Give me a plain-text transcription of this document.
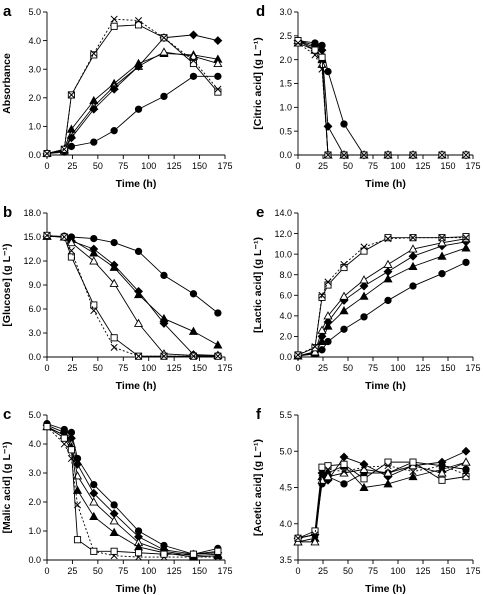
a
0 25 50 75 100 125 150 175
0.0
1.0
2.0
3.0
4.0
5.0
Time (h)
Absorbance
b
0 25 50 75 100 125 150 175
0.0
3.0
6.0
9.0
12.0
15.0
18.0
Time (h)
[Glucose] (g L⁻¹)
c
0 25 50 75 100 125 150 175
0.0
1.0
2.0
3.0
4.0
5.0
Time (h)
[Malic acid] (g L⁻¹)
d
0 25 50 75 100 125 150 175
0.0
0.5
1.0
1.5
2.0
2.5
3.0
Time (h)
[Citric acid] (g L⁻¹)
e
0 25 50 75 100 125 150 175
0.0
2.0
4.0
6.0
8.0
10.0
12.0
14.0
Time (h)
[Lactic acid] (g L⁻¹)
f
0 25 50 75 100 125 150 175
3.5
4.0
4.5
5.0
5.5
Time (h)
[Acetic acid] (g L⁻¹)
